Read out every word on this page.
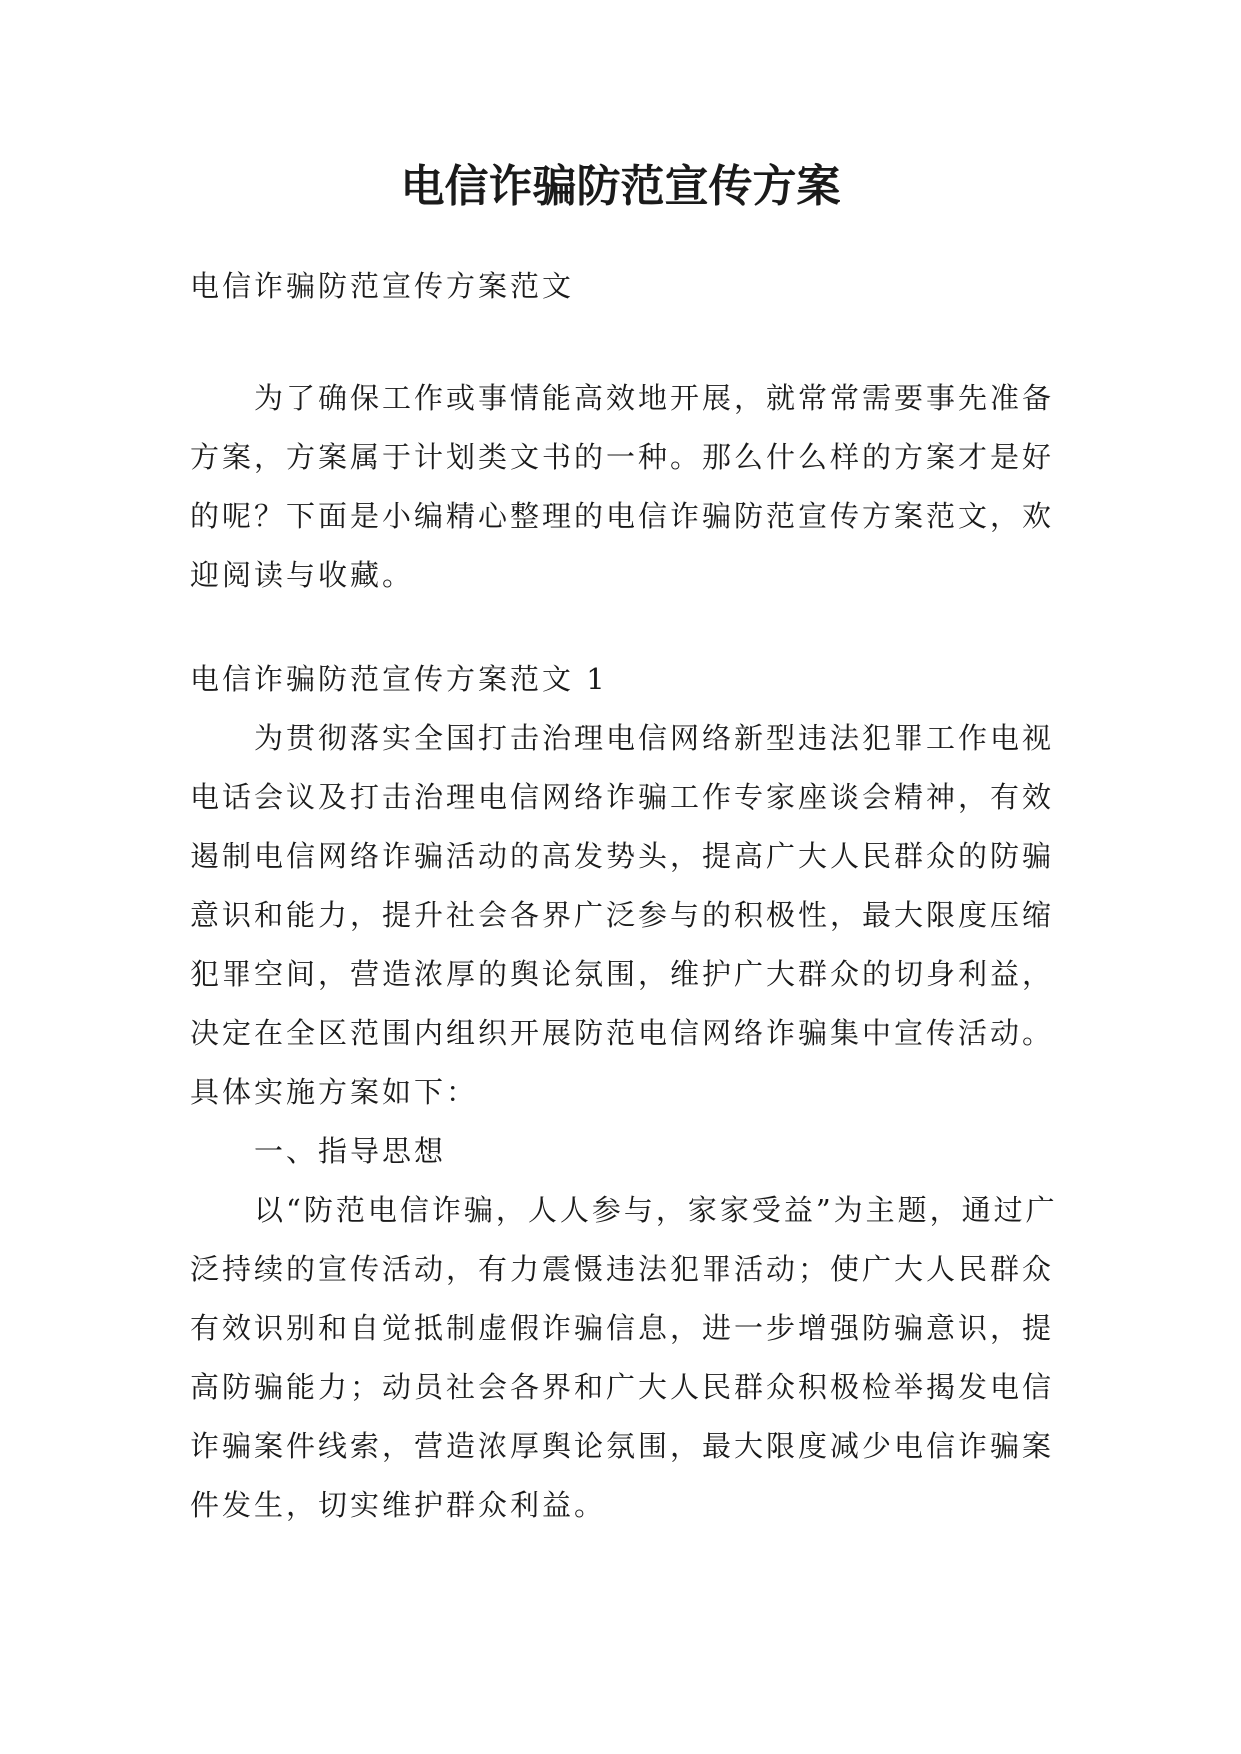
电信诈骗防范宣传方案

电信诈骗防范宣传方案范文

为了确保工作或事情能高效地开展，就常常需要事先准备方案，方案属于计划类文书的一种。那么什么样的方案才是好的呢？下面是小编精心整理的电信诈骗防范宣传方案范文，欢迎阅读与收藏。

电信诈骗防范宣传方案范文 1

为贯彻落实全国打击治理电信网络新型违法犯罪工作电视电话会议及打击治理电信网络诈骗工作专家座谈会精神，有效遏制电信网络诈骗活动的高发势头，提高广大人民群众的防骗意识和能力，提升社会各界广泛参与的积极性，最大限度压缩犯罪空间，营造浓厚的舆论氛围，维护广大群众的切身利益，决定在全区范围内组织开展防范电信网络诈骗集中宣传活动。具体实施方案如下：

一、指导思想

以“防范电信诈骗，人人参与，家家受益”为主题，通过广泛持续的宣传活动，有力震慑违法犯罪活动；使广大人民群众有效识别和自觉抵制虚假诈骗信息，进一步增强防骗意识，提高防骗能力；动员社会各界和广大人民群众积极检举揭发电信诈骗案件线索，营造浓厚舆论氛围，最大限度减少电信诈骗案件发生，切实维护群众利益。
